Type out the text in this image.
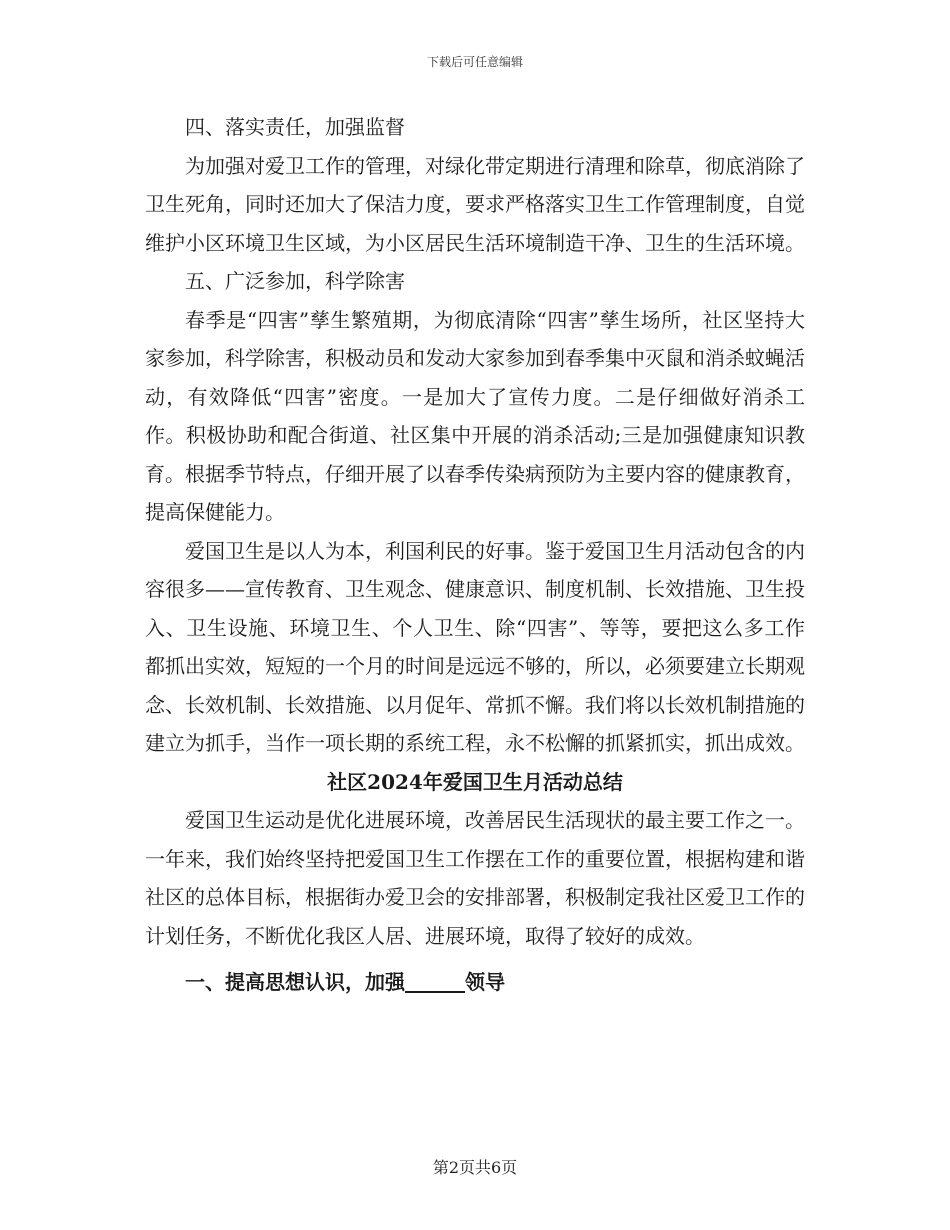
下载后可任意编辑

四、落实责任，加强监督

为加强对爱卫工作的管理，对绿化带定期进行清理和除草，彻底消除了卫生死角，同时还加大了保洁力度，要求严格落实卫生工作管理制度，自觉维护小区环境卫生区域，为小区居民生活环境制造干净、卫生的生活环境。

五、广泛参加，科学除害

春季是“四害”孳生繁殖期，为彻底清除“四害”孳生场所，社区坚持大家参加，科学除害，积极动员和发动大家参加到春季集中灭鼠和消杀蚊蝇活动，有效降低“四害”密度。一是加大了宣传力度。二是仔细做好消杀工作。积极协助和配合街道、社区集中开展的消杀活动;三是加强健康知识教育。根据季节特点，仔细开展了以春季传染病预防为主要内容的健康教育，提高保健能力。

爱国卫生是以人为本，利国利民的好事。鉴于爱国卫生月活动包含的内容很多——宣传教育、卫生观念、健康意识、制度机制、长效措施、卫生投入、卫生设施、环境卫生、个人卫生、除“四害”、等等，要把这么多工作都抓出实效，短短的一个月的时间是远远不够的，所以，必须要建立长期观念、长效机制、长效措施、以月促年、常抓不懈。我们将以长效机制措施的建立为抓手，当作一项长期的系统工程，永不松懈的抓紧抓实，抓出成效。

社区2024年爱国卫生月活动总结

爱国卫生运动是优化进展环境，改善居民生活现状的最主要工作之一。一年来，我们始终坚持把爱国卫生工作摆在工作的重要位置，根据构建和谐社区的总体目标，根据街办爱卫会的安排部署，积极制定我社区爱卫工作的计划任务，不断优化我区人居、进展环境，取得了较好的成效。

一、提高思想认识，加强	领导

第2页共6页
